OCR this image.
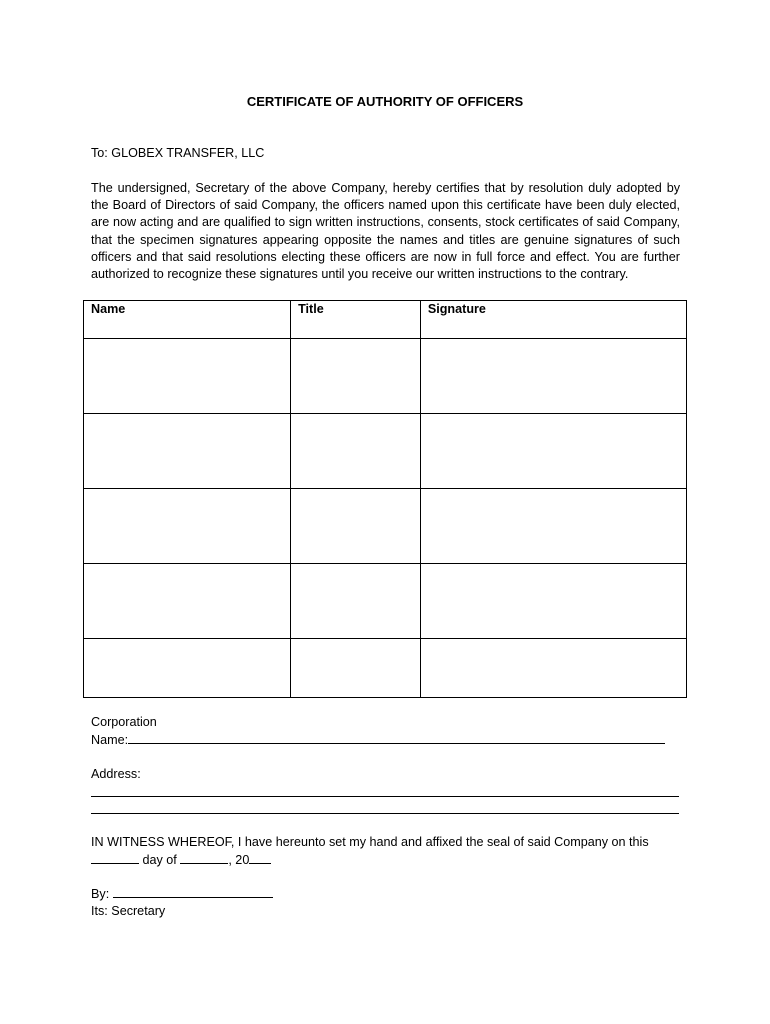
CERTIFICATE OF AUTHORITY OF OFFICERS

To: GLOBEX TRANSFER, LLC

The undersigned, Secretary of the above Company, hereby certifies that by resolution duly adopted by the Board of Directors of said Company, the officers named upon this certificate have been duly elected, are now acting and are qualified to sign written instructions, consents, stock certificates of said Company, that the specimen signatures appearing opposite the names and titles are genuine signatures of such officers and that said resolutions electing these officers are now in full force and effect. You are further authorized to recognize these signatures until you receive our written instructions to the contrary.

Name	Title	Signature

Corporation
Name:
Address:
IN WITNESS WHEREOF, I have hereunto set my hand and affixed the seal of said Company on this
day of	, 20
By:
Its: Secretary
